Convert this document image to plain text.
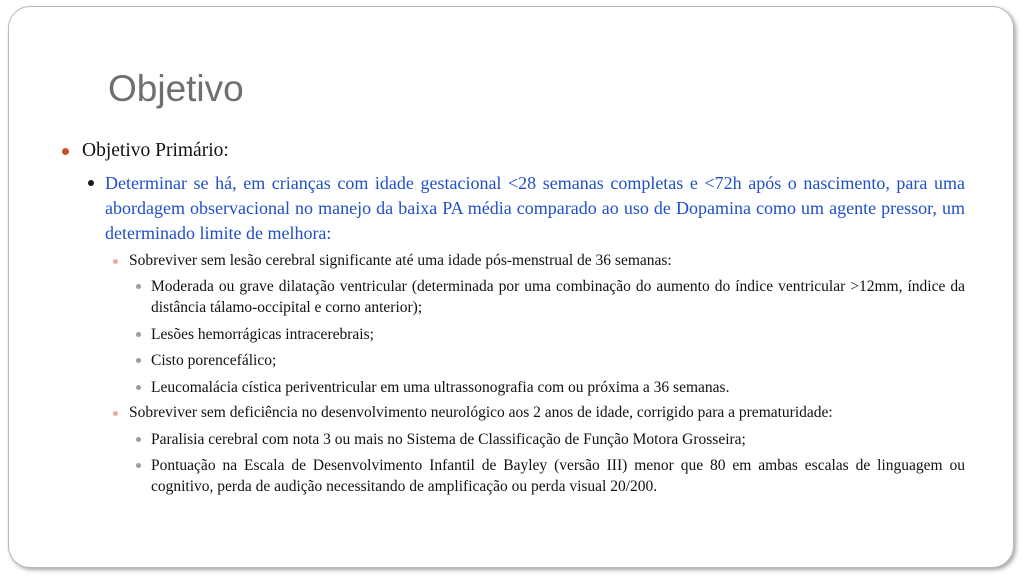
Objetivo
Objetivo Primário:
Determinar se há, em crianças com idade gestacional <28 semanas completas e <72h após o nascimento, para uma abordagem observacional no manejo da baixa PA média comparado ao uso de Dopamina como um agente pressor, um determinado limite de melhora:
Sobreviver sem lesão cerebral significante até uma idade pós-menstrual de 36 semanas:
Moderada ou grave dilatação ventricular (determinada por uma combinação do aumento do índice ventricular >12mm, índice da distância tálamo-occipital e corno anterior);
Lesões hemorrágicas intracerebrais;
Cisto porencefálico;
Leucomalácia cística periventricular em uma ultrassonografia com ou próxima a 36 semanas.
Sobreviver sem deficiência no desenvolvimento neurológico aos 2 anos de idade, corrigido para a prematuridade:
Paralisia cerebral com nota 3 ou mais no Sistema de Classificação de Função Motora Grosseira;
Pontuação na Escala de Desenvolvimento Infantil de Bayley (versão III) menor que 80 em ambas escalas de linguagem ou cognitivo, perda de audição necessitando de amplificação ou perda visual 20/200.
